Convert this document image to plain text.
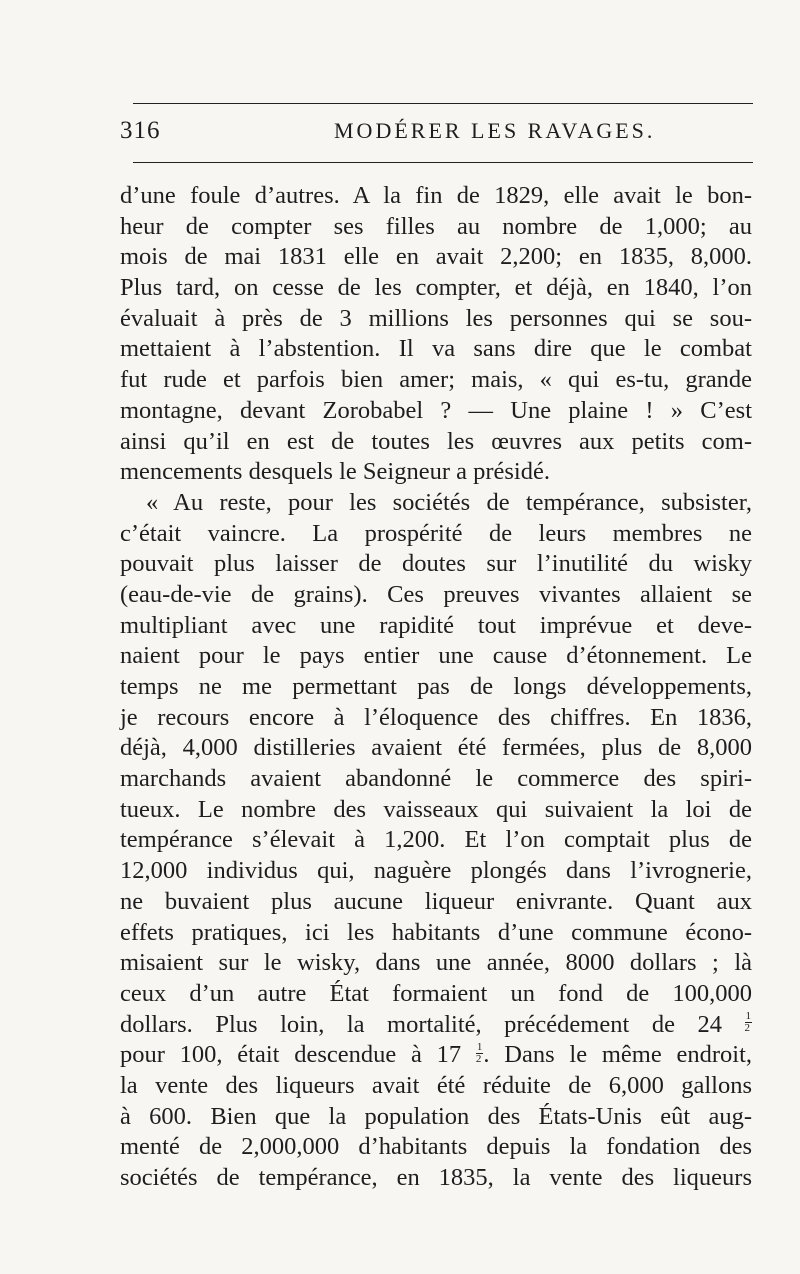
316	MODÉRER LES RAVAGES.
d’une foule d’autres. A la fin de 1829, elle avait le bon-
heur de compter ses filles au nombre de 1,000; au
mois de mai 1831 elle en avait 2,200; en 1835, 8,000.
Plus tard, on cesse de les compter, et déjà, en 1840, l’on
évaluait à près de 3 millions les personnes qui se sou-
mettaient à l’abstention. Il va sans dire que le combat
fut rude et parfois bien amer; mais, « qui es-tu, grande
montagne, devant Zorobabel ? — Une plaine ! » C’est
ainsi qu’il en est de toutes les œuvres aux petits com-
mencements desquels le Seigneur a présidé.
« Au reste, pour les sociétés de tempérance, subsister,
c’était vaincre. La prospérité de leurs membres ne
pouvait plus laisser de doutes sur l’inutilité du wisky
(eau-de-vie de grains). Ces preuves vivantes allaient se
multipliant avec une rapidité tout imprévue et deve-
naient pour le pays entier une cause d’étonnement. Le
temps ne me permettant pas de longs développements,
je recours encore à l’éloquence des chiffres. En 1836,
déjà, 4,000 distilleries avaient été fermées, plus de 8,000
marchands avaient abandonné le commerce des spiri-
tueux. Le nombre des vaisseaux qui suivaient la loi de
tempérance s’élevait à 1,200. Et l’on comptait plus de
12,000 individus qui, naguère plongés dans l’ivrognerie,
ne buvaient plus aucune liqueur enivrante. Quant aux
effets pratiques, ici les habitants d’une commune écono-
misaient sur le wisky, dans une année, 8000 dollars ; là
ceux d’un autre État formaient un fond de 100,000
dollars. Plus loin, la mortalité, précédement de $24 \frac{1}{2}$
pour 100, était descendue à $17 \frac{1}{2}$ . Dans le même endroit,
la vente des liqueurs avait été réduite de 6,000 gallons
à 600. Bien que la population des États-Unis eût aug-
menté de 2,000,000 d’habitants depuis la fondation des
sociétés de tempérance, en 1835, la vente des liqueurs
